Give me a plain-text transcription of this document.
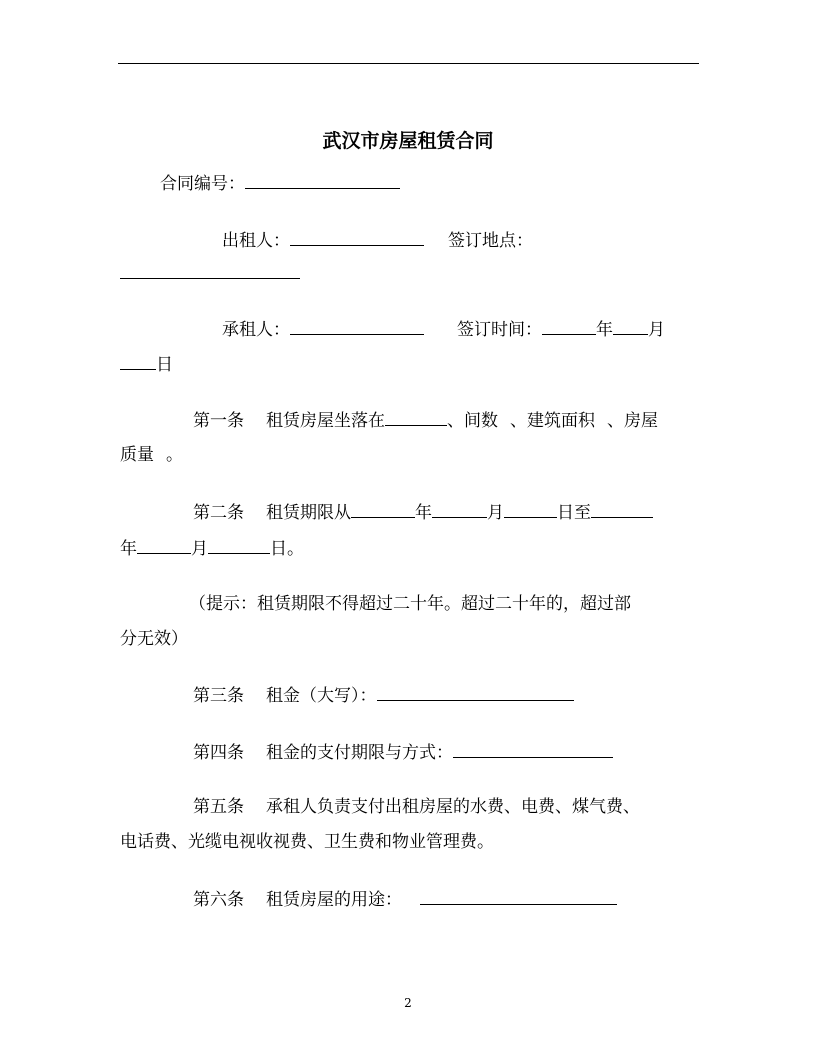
武汉市房屋租赁合同
合同编号：
出租人：	签订地点：
承租人：	签订时间：	年 月
日
第一条 租赁房屋坐落在	、间数 、建筑面积 、房屋
质量 。
第二条 租赁期限从	年	月	日至
年	月	日。
（提示：租赁期限不得超过二十年。超过二十年的，超过部
分无效）
第三条 租金（大写）：
第四条 租金的支付期限与方式：
第五条 承租人负责支付出租房屋的水费、电费、煤气费、
电话费、光缆电视收视费、卫生费和物业管理费。
第六条 租赁房屋的用途：
2
